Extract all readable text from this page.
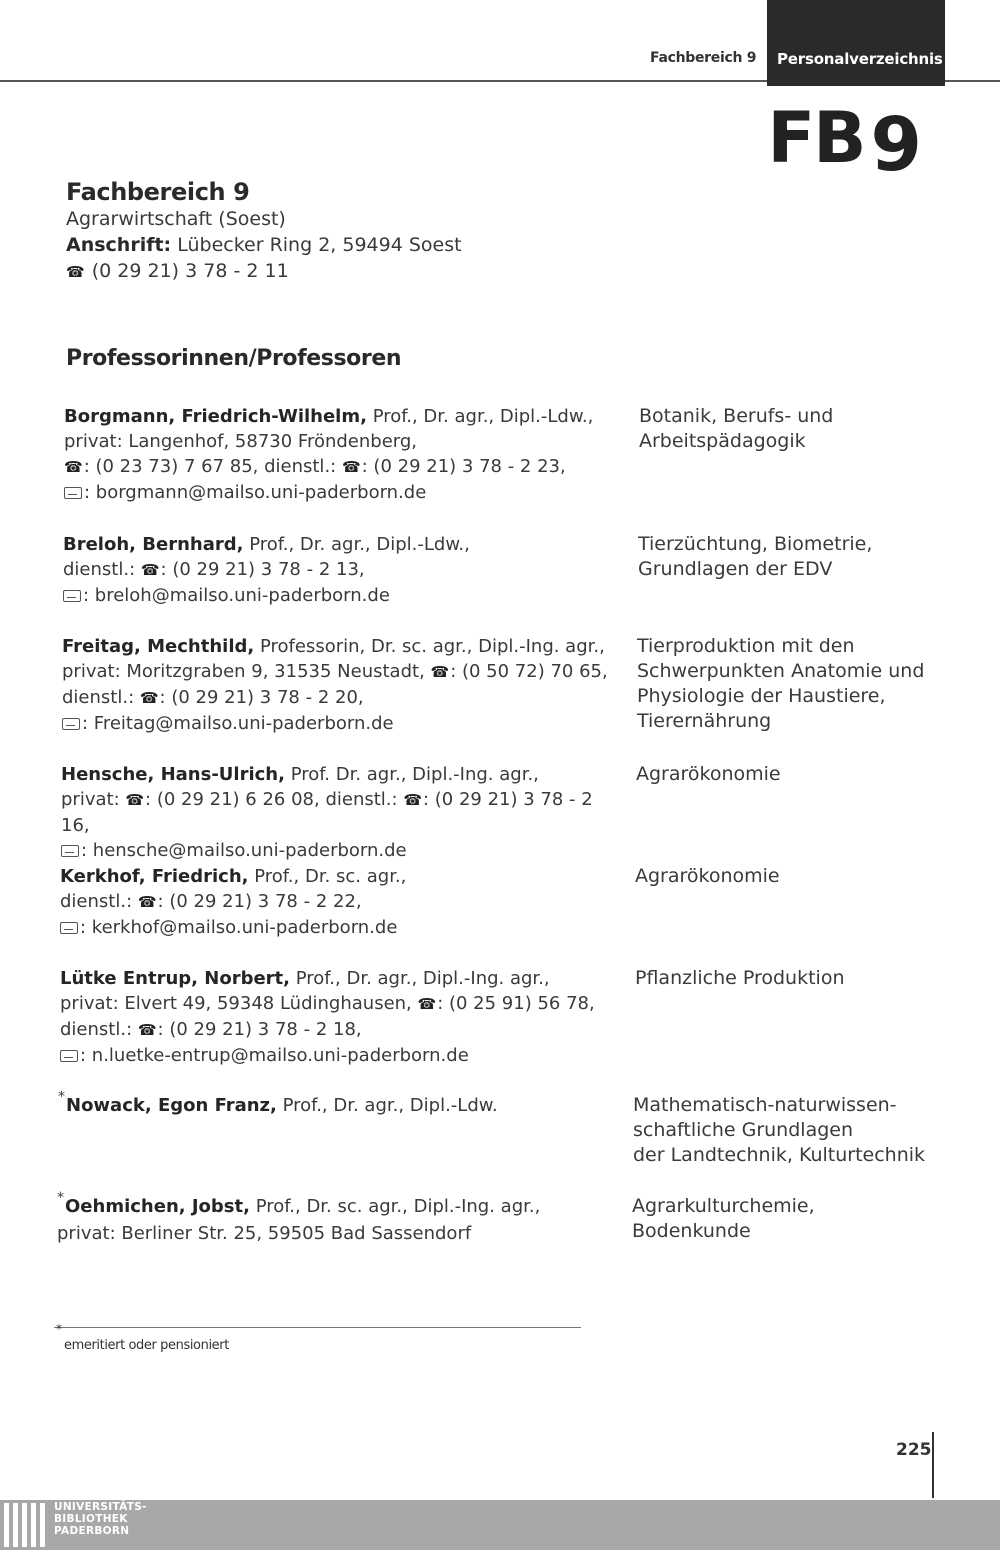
Fachbereich 9	Personalverzeichnis
FB9
Fachbereich 9
Agrarwirtschaft (Soest)
Anschrift: Lübecker Ring 2, 59494 Soest
☎ (0 29 21) 3 78 - 2 11
Professorinnen/Professoren
Borgmann, Friedrich-Wilhelm, Prof., Dr. agr., Dipl.-Ldw.,
privat: Langenhof, 58730 Fröndenberg,
☎: (0 23 73) 7 67 85, dienstl.: ☎: (0 29 21) 3 78 - 2 23,
: borgmann@mailso.uni-paderborn.de
Botanik, Berufs- und
Arbeitspädagogik
Breloh, Bernhard, Prof., Dr. agr., Dipl.-Ldw.,
dienstl.: ☎: (0 29 21) 3 78 - 2 13,
: breloh@mailso.uni-paderborn.de
Tierzüchtung, Biometrie,
Grundlagen der EDV
Freitag, Mechthild, Professorin, Dr. sc. agr., Dipl.-Ing. agr.,
privat: Moritzgraben 9, 31535 Neustadt, ☎: (0 50 72) 70 65,
dienstl.: ☎: (0 29 21) 3 78 - 2 20,
: Freitag@mailso.uni-paderborn.de
Tierproduktion mit den
Schwerpunkten Anatomie und
Physiologie der Haustiere,
Tierernährung
Hensche, Hans-Ulrich, Prof. Dr. agr., Dipl.-Ing. agr.,
privat: ☎: (0 29 21) 6 26 08, dienstl.: ☎: (0 29 21) 3 78 - 2 16,
: hensche@mailso.uni-paderborn.de
Agrarökonomie
Kerkhof, Friedrich, Prof., Dr. sc. agr.,
dienstl.: ☎: (0 29 21) 3 78 - 2 22,
: kerkhof@mailso.uni-paderborn.de
Agrarökonomie
Lütke Entrup, Norbert, Prof., Dr. agr., Dipl.-Ing. agr.,
privat: Elvert 49, 59348 Lüdinghausen, ☎: (0 25 91) 56 78,
dienstl.: ☎: (0 29 21) 3 78 - 2 18,
: n.luetke-entrup@mailso.uni-paderborn.de
Pflanzliche Produktion
*Nowack, Egon Franz, Prof., Dr. agr., Dipl.-Ldw.	Mathematisch-naturwissen-
schaftliche Grundlagen
der Landtechnik, Kulturtechnik
*Oehmichen, Jobst, Prof., Dr. sc. agr., Dipl.-Ing. agr.,
privat: Berliner Str. 25, 59505 Bad Sassendorf
Agrarkulturchemie,
Bodenkunde
*
emeritiert oder pensioniert
225
UNIVERSITÄTS-
BIBLIOTHEK
PADERBORN
